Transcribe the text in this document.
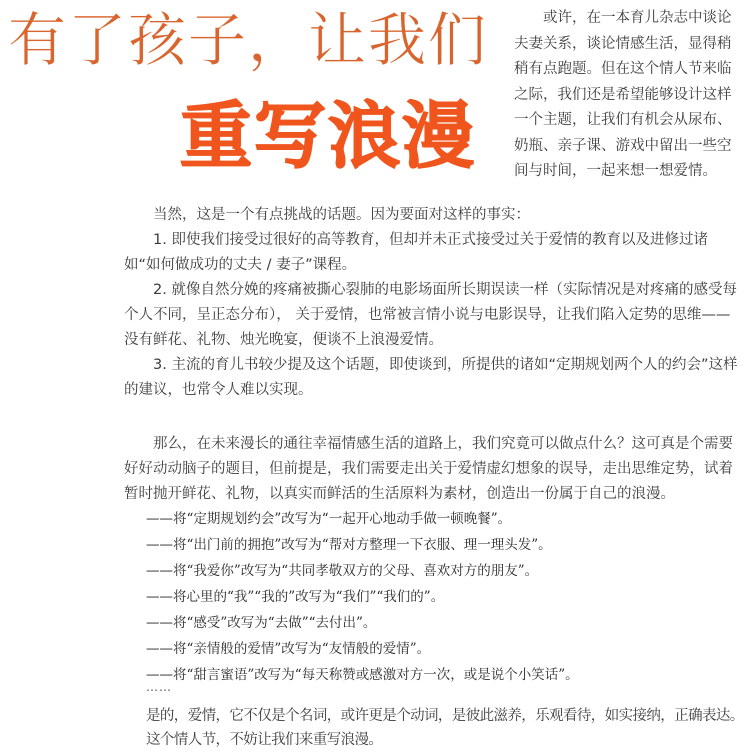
有了孩子，让我们
重写浪漫

或许，在一本育儿杂志中谈论夫妻关系，谈论情感生活，显得稍稍有点跑题。但在这个情人节来临之际，我们还是希望能够设计这样一个主题，让我们有机会从尿布、奶瓶、亲子课、游戏中留出一些空间与时间，一起来想一想爱情。

当然，这是一个有点挑战的话题。因为要面对这样的事实：

1. 即使我们接受过很好的高等教育，但却并未正式接受过关于爱情的教育以及进修过诸如“如何做成功的丈夫 / 妻子”课程。

2. 就像自然分娩的疼痛被撕心裂肺的电影场面所长期误读一样（实际情况是对疼痛的感受每个人不同，呈正态分布）， 关于爱情，也常被言情小说与电影误导，让我们陷入定势的思维——没有鲜花、礼物、烛光晚宴，便谈不上浪漫爱情。

3. 主流的育儿书较少提及这个话题，即使谈到，所提供的诸如“定期规划两个人的约会”这样的建议，也常令人难以实现。

那么，在未来漫长的通往幸福情感生活的道路上，我们究竟可以做点什么？这可真是个需要好好动动脑子的题目，但前提是，我们需要走出关于爱情虚幻想象的误导，走出思维定势，试着暂时抛开鲜花、礼物，以真实而鲜活的生活原料为素材，创造出一份属于自己的浪漫。

——将“定期规划约会”改写为“一起开心地动手做一顿晚餐”。
——将“出门前的拥抱”改写为“帮对方整理一下衣服、理一理头发”。
——将“我爱你”改写为“共同孝敬双方的父母、喜欢对方的朋友”。
——将心里的“我”“我的”改写为“我们”“我们的”。
——将“感受”改写为“去做”“去付出”。
——将“亲情般的爱情”改写为“友情般的爱情”。
——将“甜言蜜语”改写为“每天称赞或感激对方一次，或是说个小笑话”。
……

是的，爱情，它不仅是个名词，或许更是个动词，是彼此滋养，乐观看待，如实接纳，正确表达。

这个情人节，不妨让我们来重写浪漫。
